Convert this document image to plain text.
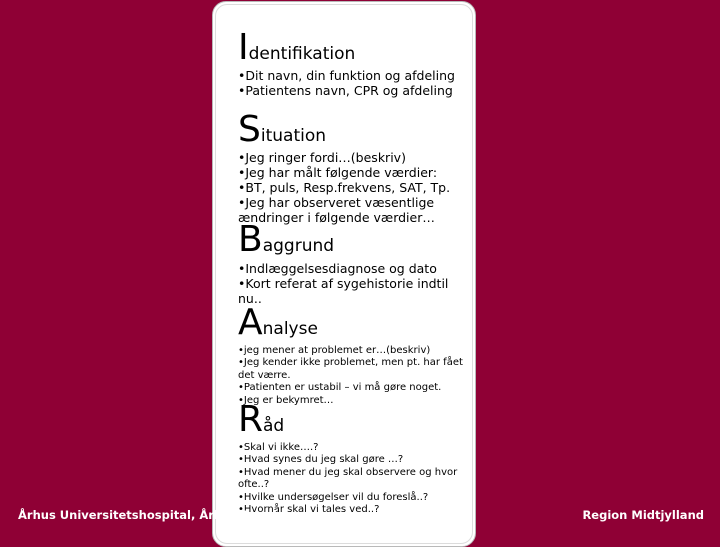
Identifikation
• Dit navn, din funktion og afdeling
• Patientens navn, CPR og afdeling
Situation
• Jeg ringer fordi…(beskriv)
• Jeg har målt følgende værdier:
• BT, puls, Resp.frekvens, SAT, Tp.
• Jeg har observeret væsentlige ændringer i følgende værdier…
Baggrund
• Indlæggelsesdiagnose og dato
• Kort referat af sygehistorie indtil nu..
Analyse
• jeg mener at problemet er…(beskriv)
• Jeg kender ikke problemet, men pt. har fået det værre.
• Patienten er ustabil – vi må gøre noget.
• Jeg er bekymret…
Råd
• Skal vi ikke….?
• Hvad synes du jeg skal gøre …?
• Hvad mener du jeg skal observere og hvor ofte..?
• Hvilke undersøgelser vil du foreslå..?
• Hvornår skal vi tales ved..?
Århus Universitetshospital, Århus Sygehus	Region Midtjylland
